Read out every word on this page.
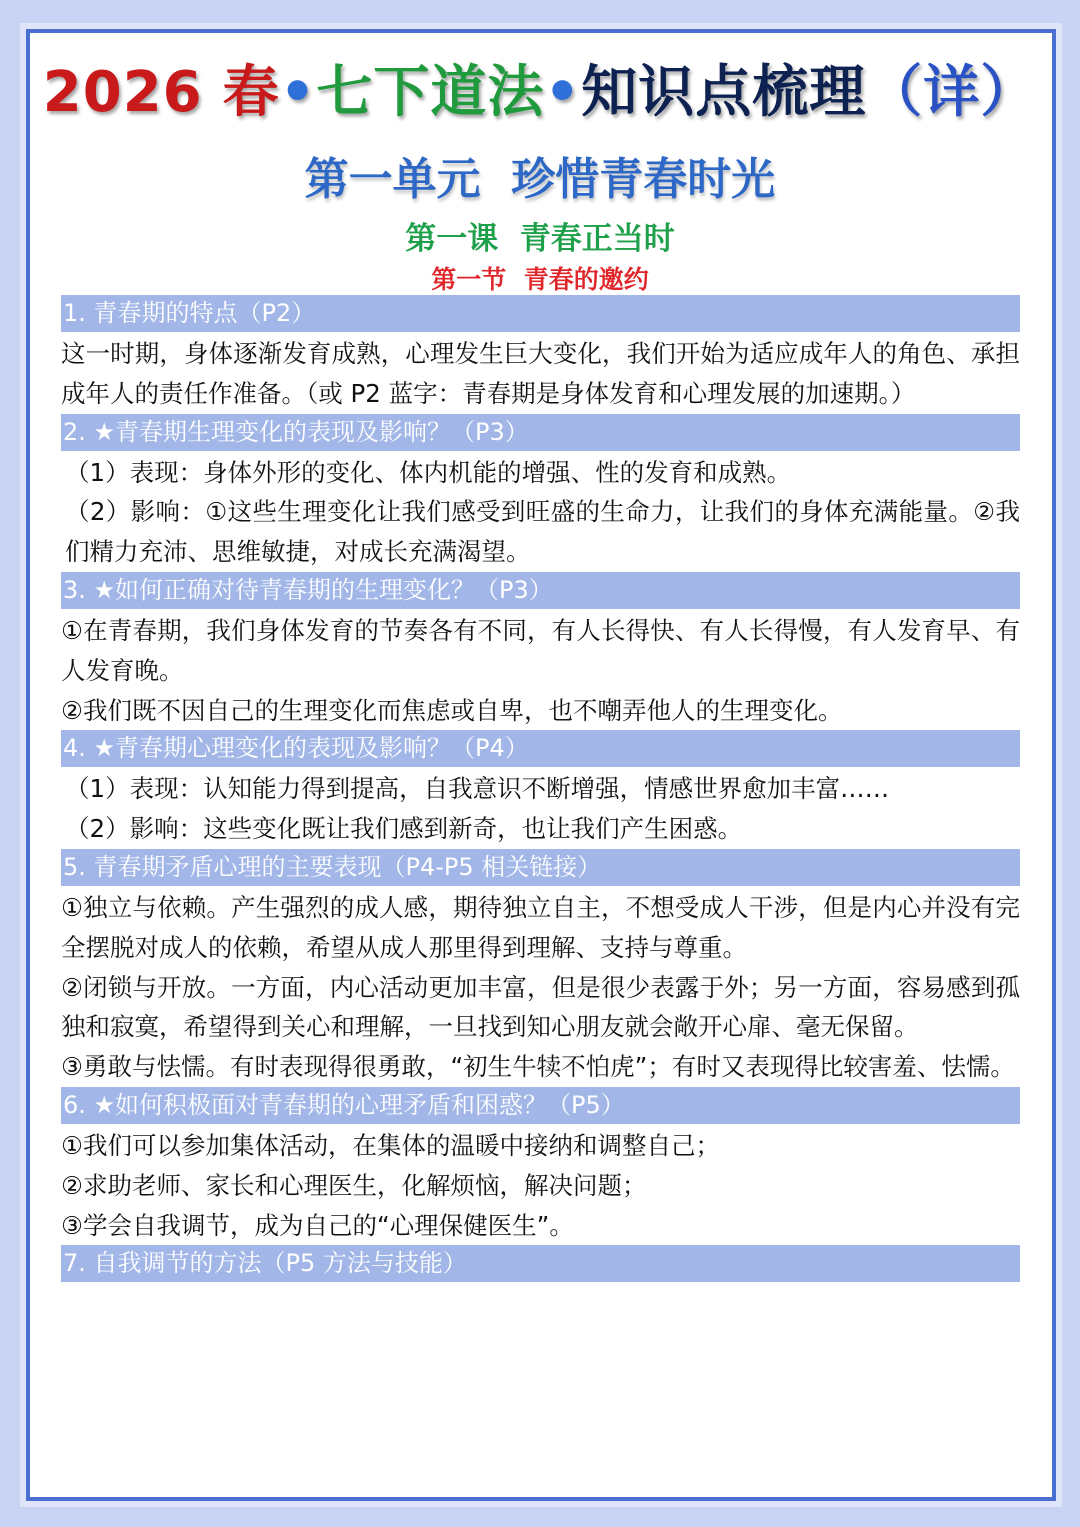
2026 春•七下道法•知识点梳理（详）
第一单元  珍惜青春时光
第一课  青春正当时
第一节  青春的邀约
1. 青春期的特点（P2）
这一时期，身体逐渐发育成熟，心理发生巨大变化，我们开始为适应成年人的角色、承担成年人的责任作准备。（或 P2 蓝字：青春期是身体发育和心理发展的加速期。）
2. ★青春期生理变化的表现及影响？（P3）
（1）表现：身体外形的变化、体内机能的增强、性的发育和成熟。
（2）影响：①这些生理变化让我们感受到旺盛的生命力，让我们的身体充满能量。②我们精力充沛、思维敏捷，对成长充满渴望。
3. ★如何正确对待青春期的生理变化？（P3）
①在青春期，我们身体发育的节奏各有不同，有人长得快、有人长得慢，有人发育早、有人发育晚。
②我们既不因自己的生理变化而焦虑或自卑，也不嘲弄他人的生理变化。
4. ★青春期心理变化的表现及影响？（P4）
（1）表现：认知能力得到提高，自我意识不断增强，情感世界愈加丰富……
（2）影响：这些变化既让我们感到新奇，也让我们产生困惑。
5. 青春期矛盾心理的主要表现（P4-P5 相关链接）
①独立与依赖。产生强烈的成人感，期待独立自主，不想受成人干涉，但是内心并没有完全摆脱对成人的依赖，希望从成人那里得到理解、支持与尊重。
②闭锁与开放。一方面，内心活动更加丰富，但是很少表露于外；另一方面，容易感到孤独和寂寞，希望得到关心和理解，一旦找到知心朋友就会敞开心扉、毫无保留。
③勇敢与怯懦。有时表现得很勇敢，“初生牛犊不怕虎”；有时又表现得比较害羞、怯懦。
6. ★如何积极面对青春期的心理矛盾和困惑？（P5）
①我们可以参加集体活动，在集体的温暖中接纳和调整自己；
②求助老师、家长和心理医生，化解烦恼，解决问题；
③学会自我调节，成为自己的“心理保健医生”。
7. 自我调节的方法（P5 方法与技能）
